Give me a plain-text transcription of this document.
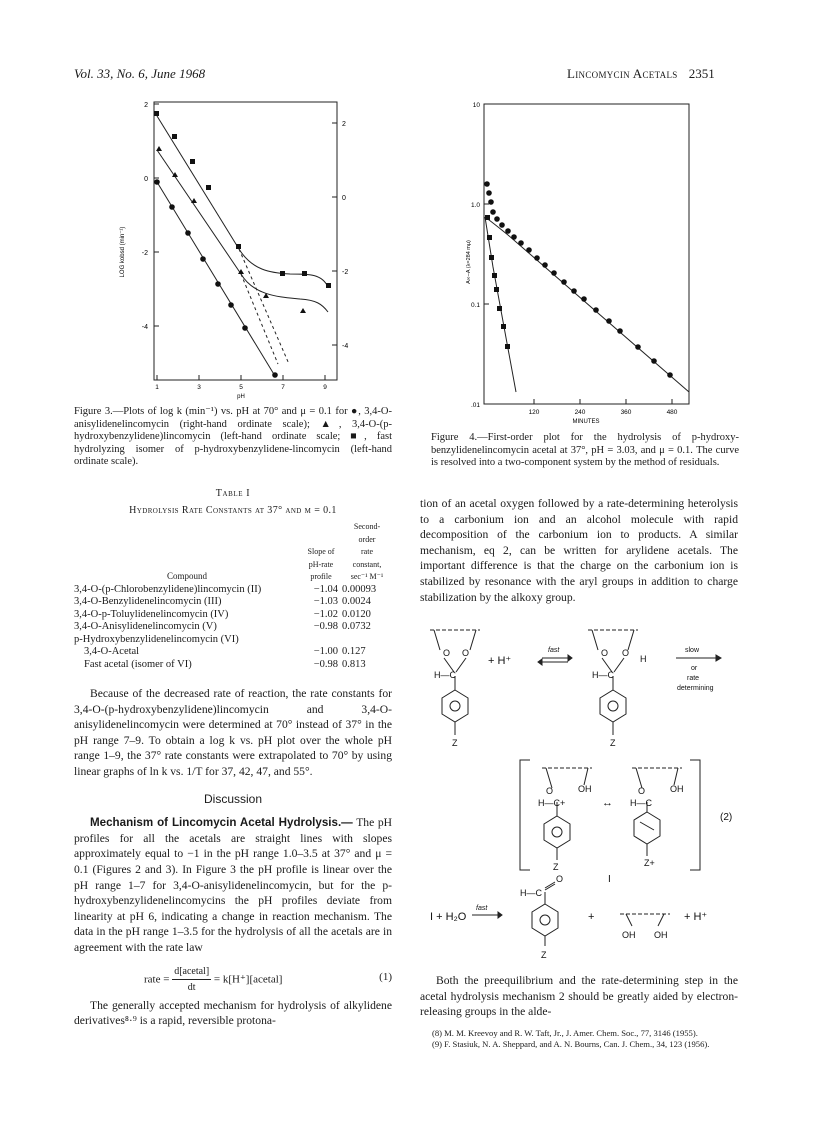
Vol. 33, No. 6, June 1968	Lincomycin Acetals 2351
2
0
-2
-4
2
0
-2
-4
1	3	5	7	9
pH
LOG kobsd (min⁻¹)
Figure 3.—Plots of log k (min⁻¹) vs. pH at 70° and μ = 0.1 for ●, 3,4-O-anisylidenelincomycin (right-hand ordinate scale); ▲, 3,4-O-(p-hydroxybenzylidene)lincomycin (left-hand ordinate scale; ■, fast hydrolyzing isomer of p-hydroxybenzylidene-lincomycin (left-hand ordinate scale).
10
1.0
0.1
.01
120	240	360	480
MINUTES
A∞−A (λ=284 mμ)
Figure 4.—First-order plot for the hydrolysis of p-hydroxy-benzylidenelincomycin acetal at 37°, pH = 3.03, and μ = 0.1. The curve is resolved into a two-component system by the method of residuals.
Table I
Hydrolysis Rate Constants at 37° and μ = 0.1
Compound	Slope of
pH-rate
profile	Second-
order
rate
constant,
sec⁻¹ M⁻¹

3,4-O-(p-Chlorobenzylidene)lincomycin (II)	−1.04	0.00093
3,4-O-Benzylidenelincomycin (III)	−1.03	0.0024
3,4-O-p-Toluylidenelincomycin (IV)	−1.02	0.0120
3,4-O-Anisylidenelincomycin (V)	−0.98	0.0732
p-Hydroxybenzylidenelincomycin (VI)		
3,4-O-Acetal	−1.00	0.127
Fast acetal (isomer of VI)	−0.98	0.813

Because of the decreased rate of reaction, the rate constants for 3,4-O-(p-hydroxybenzylidene)lincomycin and 3,4-O-anisylidenelincomycin were determined at 70° instead of 37° in the pH range 7–9. To obtain a log k vs. pH plot over the whole pH range 1–9, the 37° rate constants were extrapolated to 70° by using linear graphs of ln k vs. 1/T for 37, 42, 47, and 55°.

Discussion

Mechanism of Lincomycin Acetal Hydrolysis.— The pH profiles for all the acetals are straight lines with slopes approximately equal to −1 in the pH range 1.0–3.5 at 37° and μ = 0.1 (Figures 2 and 3). In Figure 3 the pH profile is linear over the pH range 1–7 for 3,4-O-anisylidenelincomycin, but for the p-hydroxybenzylidenelincomycins the pH profiles deviate from linearity at pH 6, indicating a change in reaction mechanism. The data in the pH range 1–3.5 for the hydrolysis of all the acetals are in agreement with the rate law

rate = $\frac{\text{d[acetal]}}{dt}$ = k[H⁺][acetal]	(1)

The generally accepted mechanism for hydrolysis of alkylidene derivatives⁸·⁹ is a rapid, reversible protona-

tion of an acetal oxygen followed by a rate-determining heterolysis to a carbonium ion and an alcohol molecule with rapid decomposition of the carbonium ion to products. A similar mechanism, eq 2, can be written for arylidene acetals. The important difference is that the charge on the carbonium ion is stabilized by resonance with the aryl groups in addition to charge stabilization by the alkoxy group.

O O
H—C
Z
+ H⁺
fast	O O
H
H—C
Z
slow
or
rate
determining
O	OH
H—C+
Z
↔
O	OH
H—C
Z+
(2)
I
I + H₂O
fast
O
H—C
Z
+
OH OH
+ H⁺

Both the preequilibrium and the rate-determining step in the acetal hydrolysis mechanism 2 should be greatly aided by electron-releasing groups in the alde-

(8) M. M. Kreevoy and R. W. Taft, Jr., J. Amer. Chem. Soc., 77, 3146 (1955).
(9) F. Stasiuk, N. A. Sheppard, and A. N. Bourns, Can. J. Chem., 34, 123 (1956).
